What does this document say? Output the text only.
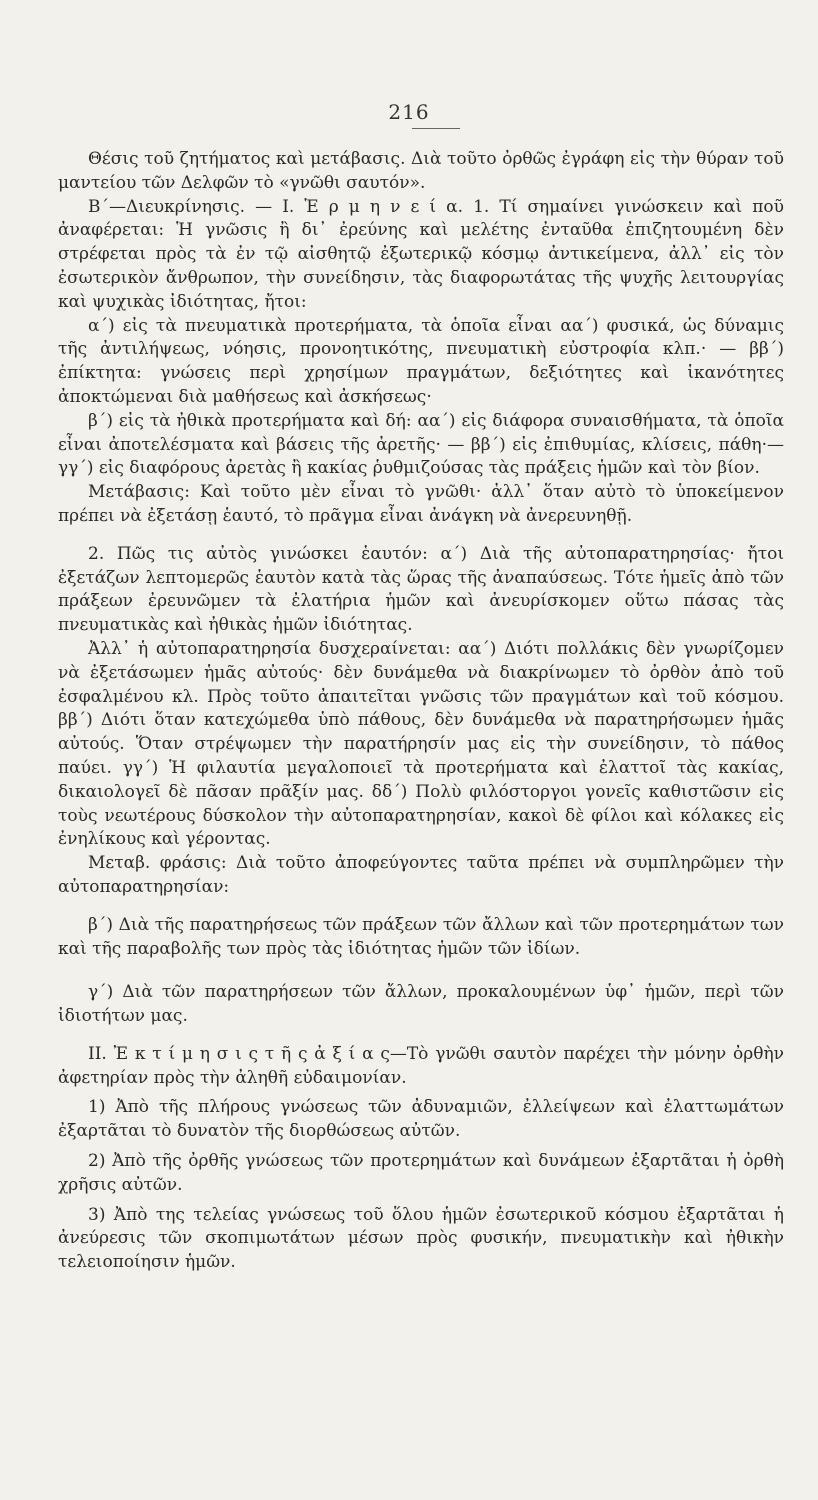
216

Θέσις τοῦ ζητήματος καὶ μετάβασις. Διὰ τοῦτο ὀρθῶς ἐγράφη εἰς τὴν θύραν τοῦ μαντείου τῶν Δελφῶν τὸ «γνῶθι σαυτόν».

Β΄—Διευκρίνησις. — Ι. Ἑ ρ μ η ν ε ί α. 1. Τί σημαίνει γινώσκειν καὶ ποῦ ἀναφέρεται: Ἡ γνῶσις ἢ δι᾽ ἐρεύνης καὶ μελέτης ἐνταῦθα ἐπιζητουμένη δὲν στρέφεται πρὸς τὰ ἐν τῷ αἰσθητῷ ἐξωτερικῷ κόσμῳ ἀντικείμενα, ἀλλ᾽ εἰς τὸν ἐσωτερικὸν ἄνθρωπον, τὴν συνείδησιν, τὰς διαφορωτάτας τῆς ψυχῆς λειτουργίας καὶ ψυχικὰς ἰδιότητας, ἤτοι:

α΄) εἰς τὰ πνευματικὰ προτερήματα, τὰ ὁποῖα εἶναι αα΄) φυσικά, ὡς δύναμις τῆς ἀντιλήψεως, νόησις, προνοητικότης, πνευματικὴ εὐστροφία κλπ.· — ββ΄) ἐπίκτητα: γνώσεις περὶ χρησίμων πραγμάτων, δεξιότητες καὶ ἱκανότητες ἀποκτώμεναι διὰ μαθήσεως καὶ ἀσκήσεως·

β΄) εἰς τὰ ἠθικὰ προτερήματα καὶ δή: αα΄) εἰς διάφορα συναισθήματα, τὰ ὁποῖα εἶναι ἀποτελέσματα καὶ βάσεις τῆς ἀρετῆς· — ββ΄) εἰς ἐπιθυμίας, κλίσεις, πάθη·—γγ΄) εἰς διαφόρους ἀρετὰς ἢ κακίας ῥυθμιζούσας τὰς πράξεις ἡμῶν καὶ τὸν βίον.

Μετάβασις: Καὶ τοῦτο μὲν εἶναι τὸ γνῶθι· ἀλλ᾽ ὅταν αὐτὸ τὸ ὑποκείμενον πρέπει νὰ ἐξετάσῃ ἑαυτό, τὸ πρᾶγμα εἶναι ἀνάγκη νὰ ἀνερευνηθῇ.

2. Πῶς τις αὐτὸς γινώσκει ἑαυτόν: α΄) Διὰ τῆς αὐτοπαρατηρησίας· ἤτοι ἐξετάζων λεπτομερῶς ἑαυτὸν κατὰ τὰς ὥρας τῆς ἀναπαύσεως. Τότε ἡμεῖς ἀπὸ τῶν πράξεων ἐρευνῶμεν τὰ ἐλατήρια ἡμῶν καὶ ἀνευρίσκομεν οὕτω πάσας τὰς πνευματικὰς καὶ ἠθικὰς ἡμῶν ἰδιότητας.

Ἀλλ᾽ ἡ αὐτοπαρατηρησία δυσχεραίνεται: αα΄) Διότι πολλάκις δὲν γνωρίζομεν νὰ ἐξετάσωμεν ἡμᾶς αὐτούς· δὲν δυνάμεθα νὰ διακρίνωμεν τὸ ὀρθὸν ἀπὸ τοῦ ἐσφαλμένου κλ. Πρὸς τοῦτο ἀπαιτεῖται γνῶσις τῶν πραγμάτων καὶ τοῦ κόσμου. ββ΄) Διότι ὅταν κατεχώμεθα ὑπὸ πάθους, δὲν δυνάμεθα νὰ παρατηρήσωμεν ἡμᾶς αὐτούς. Ὅταν στρέψωμεν τὴν παρατήρησίν μας εἰς τὴν συνείδησιν, τὸ πάθος παύει. γγ΄) Ἡ φιλαυτία μεγαλοποιεῖ τὰ προτερήματα καὶ ἐλαττοῖ τὰς κακίας, δικαιολογεῖ δὲ πᾶσαν πρᾶξίν μας. δδ΄) Πολὺ φιλόστοργοι γονεῖς καθιστῶσιν εἰς τοὺς νεωτέρους δύσκολον τὴν αὐτοπαρατηρησίαν, κακοὶ δὲ φίλοι καὶ κόλακες εἰς ἐνηλίκους καὶ γέροντας.

Μεταβ. φράσις: Διὰ τοῦτο ἀποφεύγοντες ταῦτα πρέπει νὰ συμπληρῶμεν τὴν αὐτοπαρατηρησίαν:

β΄) Διὰ τῆς παρατηρήσεως τῶν πράξεων τῶν ἄλλων καὶ τῶν προτερημάτων των καὶ τῆς παραβολῆς των πρὸς τὰς ἰδιότητας ἡμῶν τῶν ἰδίων.

γ΄) Διὰ τῶν παρατηρήσεων τῶν ἄλλων, προκαλουμένων ὑφ᾽ ἡμῶν, περὶ τῶν ἰδιοτήτων μας.

ΙΙ. Ἐ κ τ ί μ η σ ι ς τ ῆ ς ἀ ξ ί α ς—Τὸ γνῶθι σαυτὸν παρέχει τὴν μόνην ὀρθὴν ἀφετηρίαν πρὸς τὴν ἀληθῆ εὐδαιμονίαν.

1) Ἀπὸ τῆς πλήρους γνώσεως τῶν ἀδυναμιῶν, ἐλλείψεων καὶ ἐλαττωμάτων ἐξαρτᾶται τὸ δυνατὸν τῆς διορθώσεως αὐτῶν.

2) Ἀπὸ τῆς ὀρθῆς γνώσεως τῶν προτερημάτων καὶ δυνάμεων ἐξαρτᾶται ἡ ὀρθὴ χρῆσις αὐτῶν.

3) Ἀπὸ της τελείας γνώσεως τοῦ ὅλου ἡμῶν ἐσωτερικοῦ κόσμου ἐξαρτᾶται ἡ ἀνεύρεσις τῶν σκοπιμωτάτων μέσων πρὸς φυσικήν, πνευματικὴν καὶ ἠθικὴν τελειοποίησιν ἡμῶν.
